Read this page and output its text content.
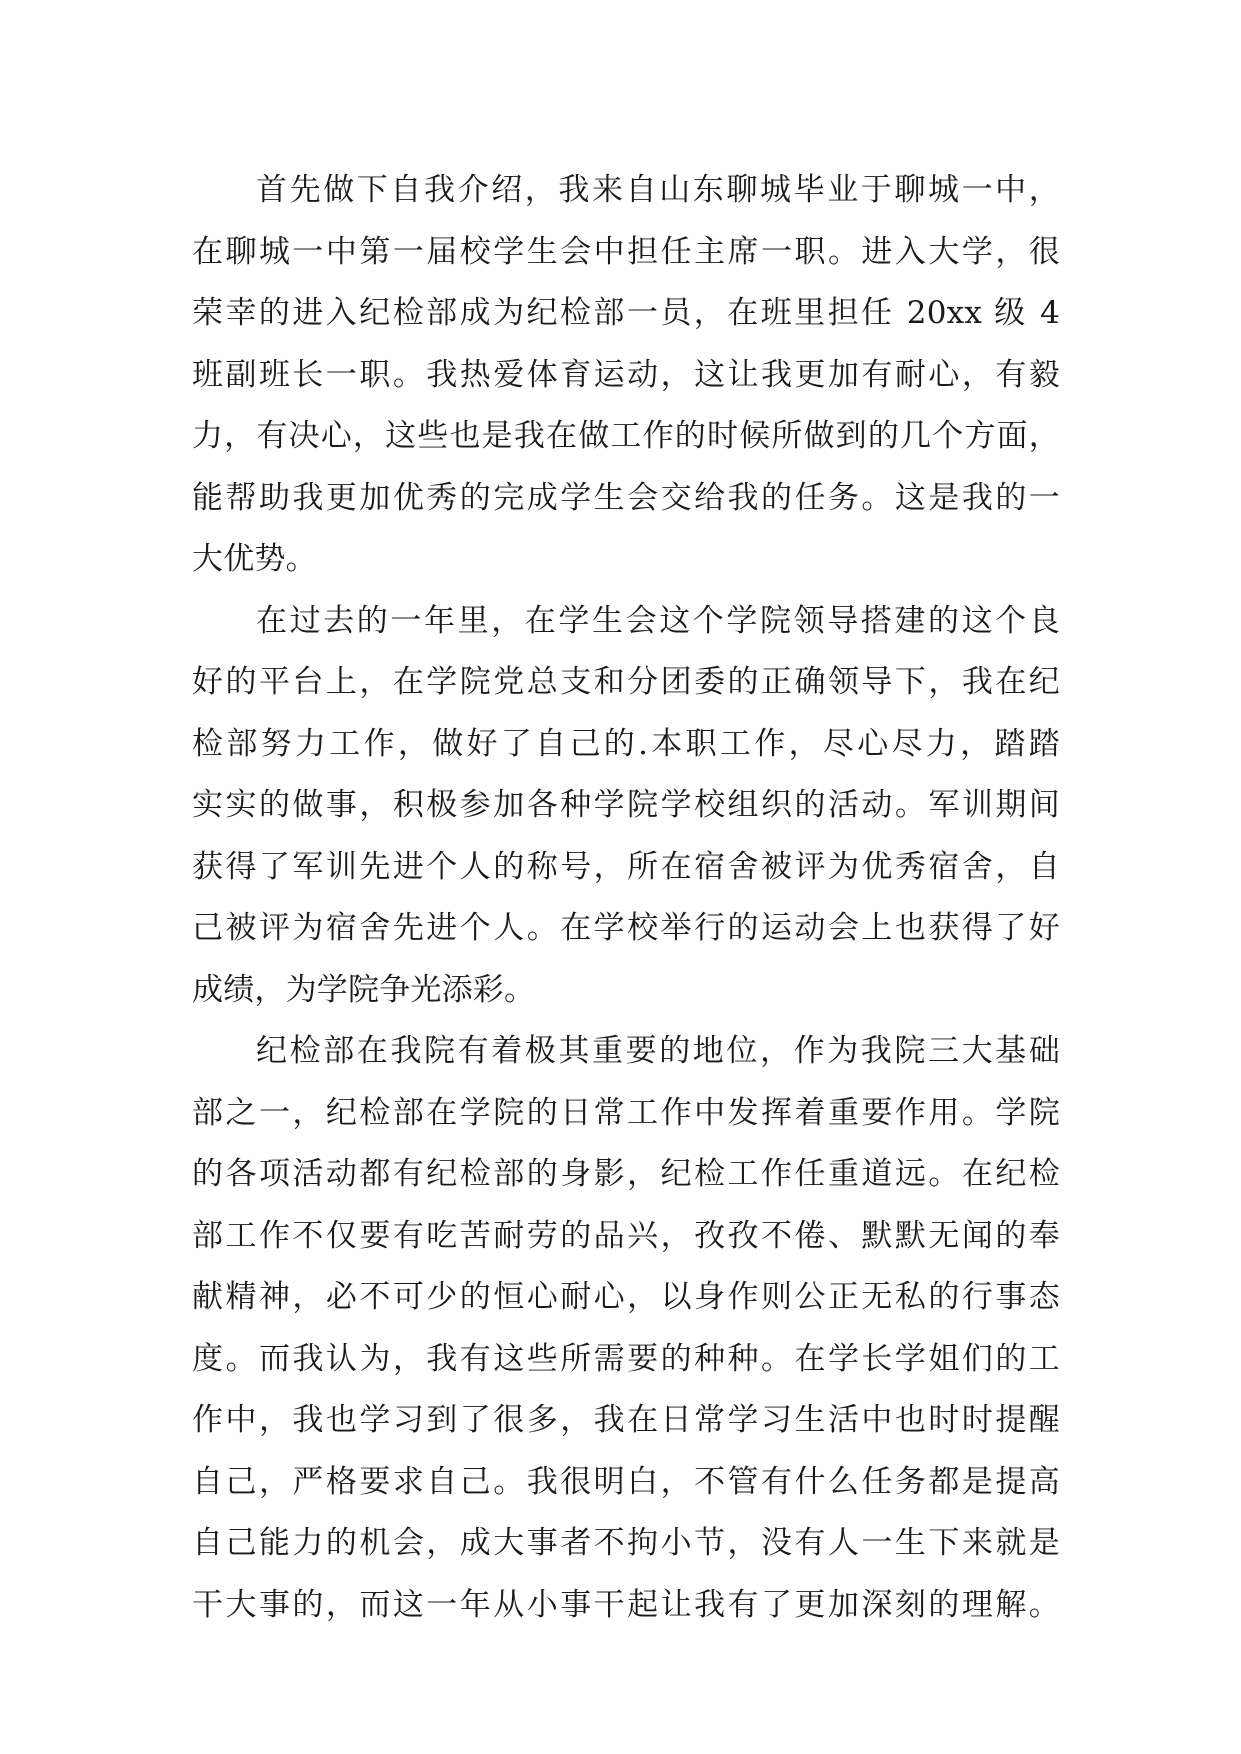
首先做下自我介绍，我来自山东聊城毕业于聊城一中，
在聊城一中第一届校学生会中担任主席一职。进入大学，很
荣幸的进入纪检部成为纪检部一员，在班里担任 20xx 级 4
班副班长一职。我热爱体育运动，这让我更加有耐心，有毅
力，有决心，这些也是我在做工作的时候所做到的几个方面，
能帮助我更加优秀的完成学生会交给我的任务。这是我的一
大优势。
在过去的一年里，在学生会这个学院领导搭建的这个良
好的平台上，在学院党总支和分团委的正确领导下，我在纪
检部努力工作，做好了自己的.本职工作，尽心尽力，踏踏
实实的做事，积极参加各种学院学校组织的活动。军训期间
获得了军训先进个人的称号，所在宿舍被评为优秀宿舍，自
己被评为宿舍先进个人。在学校举行的运动会上也获得了好
成绩，为学院争光添彩。
纪检部在我院有着极其重要的地位，作为我院三大基础
部之一，纪检部在学院的日常工作中发挥着重要作用。学院
的各项活动都有纪检部的身影，纪检工作任重道远。在纪检
部工作不仅要有吃苦耐劳的品兴，孜孜不倦、默默无闻的奉
献精神，必不可少的恒心耐心，以身作则公正无私的行事态
度。而我认为，我有这些所需要的种种。在学长学姐们的工
作中，我也学习到了很多，我在日常学习生活中也时时提醒
自己，严格要求自己。我很明白，不管有什么任务都是提高
自己能力的机会，成大事者不拘小节，没有人一生下来就是
干大事的，而这一年从小事干起让我有了更加深刻的理解。
